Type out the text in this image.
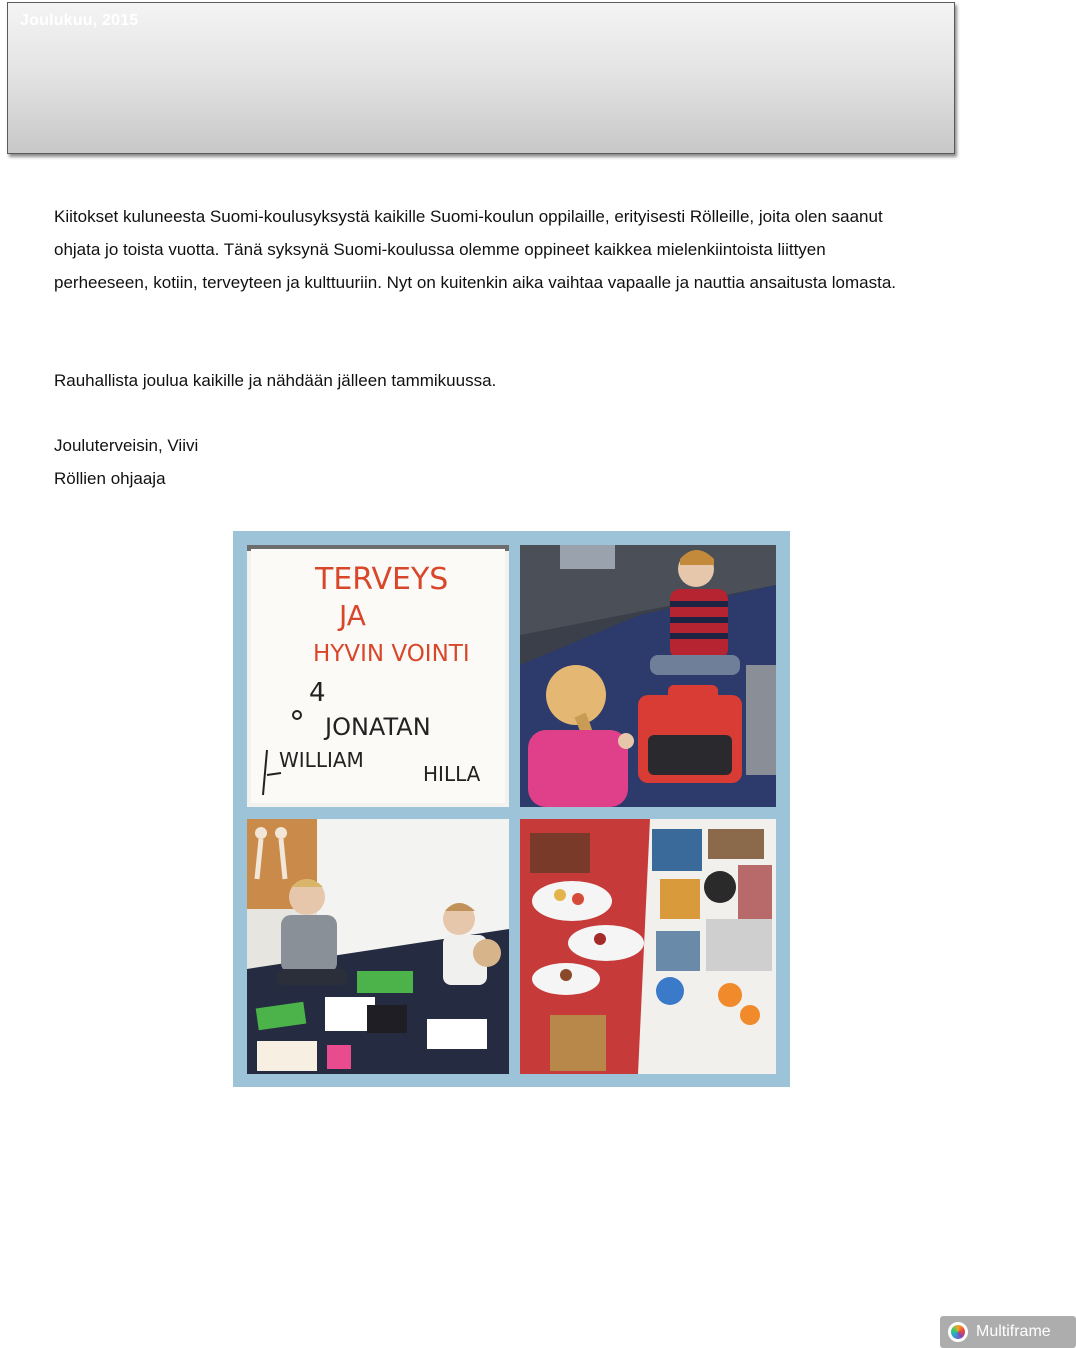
Joulukuu, 2015
Kiitokset kuluneesta Suomi-koulusyksystä kaikille Suomi-koulun oppilaille, erityisesti Rölleille, joita olen saanut ohjata jo toista vuotta. Tänä syksynä Suomi-koulussa olemme oppineet kaikkea mielenkiintoista liittyen perheeseen, kotiin, terveyteen ja kulttuuriin. Nyt on kuitenkin aika vaihtaa vapaalle ja nauttia ansaitusta lomasta.
Rauhallista joulua kaikille ja nähdään jälleen tammikuussa.
Jouluterveisin, Viivi
Röllien ohjaaja
TERVEYS
JA
HYVIN VOINTI
4
JONATAN
WILLIAM
HILLA
Multiframe
